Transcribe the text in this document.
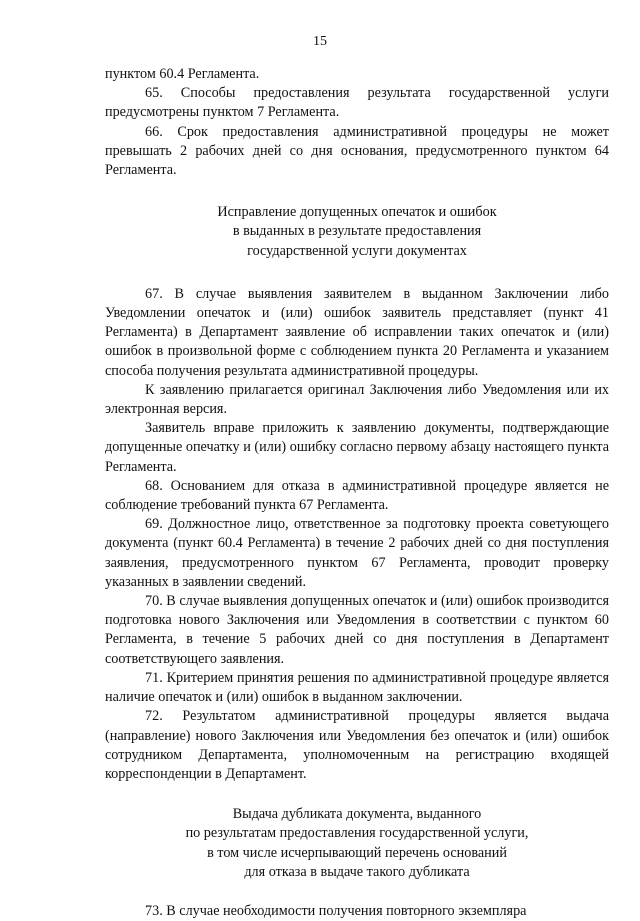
15

пунктом 60.4 Регламента.

65. Способы предоставления результата государственной услуги предусмотрены пунктом 7 Регламента.

66. Срок предоставления административной процедуры не может превышать 2 рабочих дней со дня основания, предусмотренного пунктом 64 Регламента.

Исправление допущенных опечаток и ошибок
в выданных в результате предоставления
государственной услуги документах

67. В случае выявления заявителем в выданном Заключении либо Уведомлении опечаток и (или) ошибок заявитель представляет (пункт 41 Регламента) в Департамент заявление об исправлении таких опечаток и (или) ошибок в произвольной форме с соблюдением пункта 20 Регламента и указанием способа получения результата административной процедуры.

К заявлению прилагается оригинал Заключения либо Уведомления или их электронная версия.

Заявитель вправе приложить к заявлению документы, подтверждающие допущенные опечатку и (или) ошибку согласно первому абзацу настоящего пункта Регламента.

68. Основанием для отказа в административной процедуре является не соблюдение требований пункта 67 Регламента.

69. Должностное лицо, ответственное за подготовку проекта советующего документа (пункт 60.4 Регламента) в течение 2 рабочих дней со дня поступления заявления, предусмотренного пунктом 67 Регламента, проводит проверку указанных в заявлении сведений.

70. В случае выявления допущенных опечаток и (или) ошибок производится подготовка нового Заключения или Уведомления в соответствии с пунктом 60 Регламента, в течение 5 рабочих дней со дня поступления в Департамент соответствующего заявления.

71. Критерием принятия решения по административной процедуре является наличие опечаток и (или) ошибок в выданном заключении.

72. Результатом административной процедуры является выдача (направление) нового Заключения или Уведомления без опечаток и (или) ошибок сотрудником Департамента, уполномоченным на регистрацию входящей корреспонденции в Департамент.

Выдача дубликата документа, выданного
по результатам предоставления государственной услуги,
в том числе исчерпывающий перечень оснований
для отказа в выдаче такого дубликата

73. В случае необходимости получения повторного экземпляра
